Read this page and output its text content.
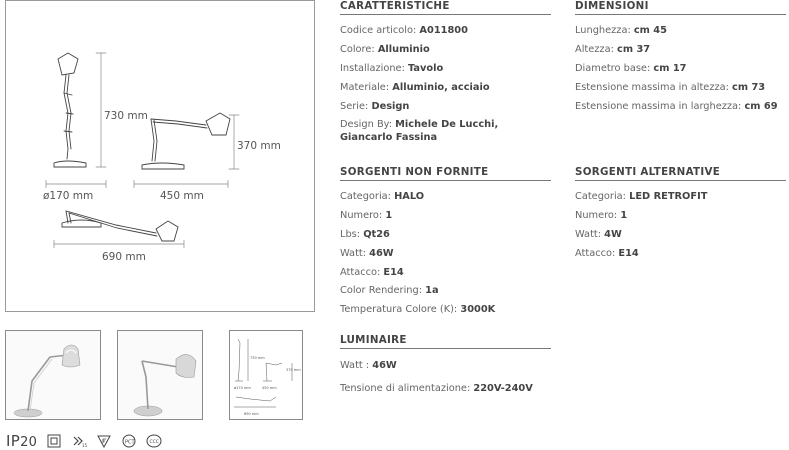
730 mm
370 mm
ø170 mm	450 mm
690 mm
730 mm
370 mm
ø170 mm	450 mm
690 mm
IP20	15	PCT	CCC
CARATTERISTICHE
Codice articolo: A011800
Colore: Alluminio
Installazione: Tavolo
Materiale: Alluminio, acciaio
Serie: Design
Design By: Michele De Lucchi, Giancarlo Fassina
DIMENSIONI
Lunghezza: cm 45
Altezza: cm 37
Diametro base: cm 17
Estensione massima in altezza: cm 73
Estensione massima in larghezza: cm 69
SORGENTI NON FORNITE
Categoria: HALO
Numero: 1
Lbs: Qt26
Watt: 46W
Attacco: E14
Color Rendering: 1a
Temperatura Colore (K): 3000K
SORGENTI ALTERNATIVE
Categoria: LED RETROFIT
Numero: 1
Watt: 4W
Attacco: E14
LUMINAIRE
Watt : 46W
Tensione di alimentazione: 220V-240V
